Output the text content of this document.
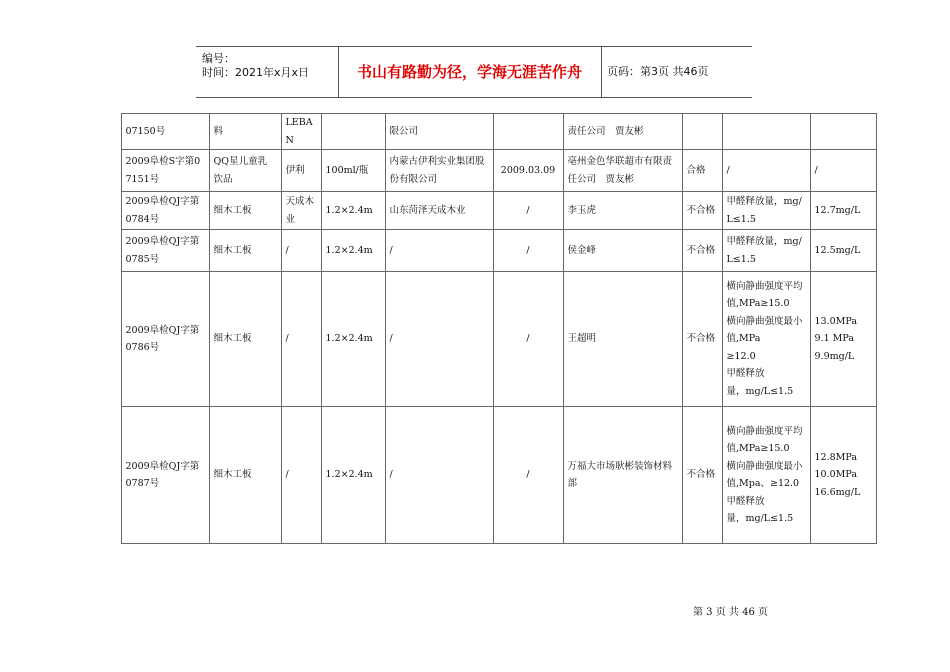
编号：
时间：2021年x月x日	书山有路勤为径，学海无涯苦作舟	页码：第3页 共46页
	07150号	料	LEBAN		限公司		责任公司　贾友彬			
	2009阜检S字第07151号	QQ星儿童乳饮品	伊利	100ml/瓶	内蒙古伊利实业集团股份有限公司	2009.03.09	亳州金色华联超市有限责任公司　贾友彬	合格	/	/
	2009阜检QJ字第0784号	细木工板	天成木业	1.2×2.4m	山东菏泽天成木业	/	李玉虎	不合格	甲醛释放量，mg/L≤1.5	12.7mg/L
	2009阜检QJ字第0785号	细木工板	/	1.2×2.4m	/	/	侯金峰	不合格	甲醛释放量，mg/L≤1.5	12.5mg/L
	2009阜检QJ字第0786号	细木工板	/	1.2×2.4m	/	/	王超明	不合格	横向静曲强度平均值,MPa≥15.0
横向静曲强度最小值,MPa
≥12.0
甲醛释放
量，mg/L≤1.5	13.0MPa
9.1 MPa
9.9mg/L

	2009阜检QJ字第0787号	细木工板	/	1.2×2.4m	/	/	万福大市场耿彬装饰材料部	不合格	横向静曲强度平均值,MPa≥15.0
横向静曲强度最小
值,Mpa、≥12.0
甲醛释放
量，mg/L≤1.5	12.8MPa
10.0MPa
16.6mg/L
第 3 页 共 46 页
